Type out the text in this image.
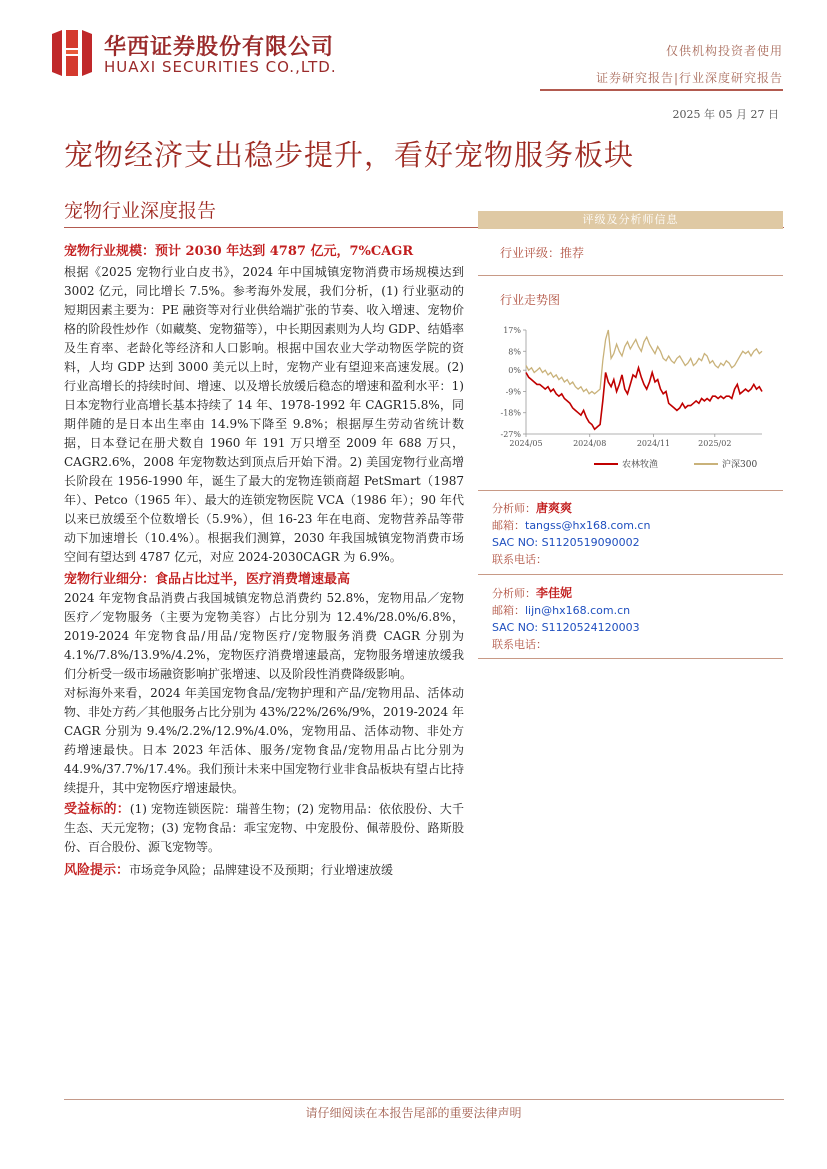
华西证券股份有限公司
HUAXI SECURITIES CO.,LTD.
仅供机构投资者使用
证券研究报告|行业深度研究报告
2025 年 05 月 27 日
宠物经济支出稳步提升，看好宠物服务板块
宠物行业深度报告
宠物行业规模：预计 2030 年达到 4787 亿元，7%CAGR

根据《2025 宠物行业白皮书》，2024 年中国城镇宠物消费市场规模达到 3002 亿元，同比增长 7.5%。参考海外发展，我们分析，(1) 行业驱动的短期因素主要为：PE 融资等对行业供给端扩张的节奏、收入增速、宠物价格的阶段性炒作（如藏獒、宠物猫等），中长期因素则为人均 GDP、结婚率及生育率、老龄化等经济和人口影响。根据中国农业大学动物医学院的资料，人均 GDP 达到 3000 美元以上时，宠物产业有望迎来高速发展。(2) 行业高增长的持续时间、增速、以及增长放缓后稳态的增速和盈利水平：1) 日本宠物行业高增长基本持续了 14 年、1978-1992 年 CAGR15.8%，同期伴随的是日本出生率由 14.9%下降至 9.8%；根据厚生劳动省统计数据，日本登记在册犬数自 1960 年 191 万只增至 2009 年 688 万只，CAGR2.6%，2008 年宠物数达到顶点后开始下滑。2) 美国宠物行业高增长阶段在 1956-1990 年，诞生了最大的宠物连锁商超 PetSmart（1987 年）、Petco（1965 年）、最大的连锁宠物医院 VCA（1986 年）；90 年代以来已放缓至个位数增长（5.9%），但 16-23 年在电商、宠物营养品等带动下加速增长（10.4%）。根据我们测算，2030 年我国城镇宠物消费市场空间有望达到 4787 亿元，对应 2024-2030CAGR 为 6.9%。

宠物行业细分：食品占比过半，医疗消费增速最高

2024 年宠物食品消费占我国城镇宠物总消费约 52.8%，宠物用品／宠物医疗／宠物服务（主要为宠物美容）占比分别为 12.4%/28.0%/6.8%，2019-2024 年宠物食品/用品/宠物医疗/宠物服务消费 CAGR 分别为 4.1%/7.8%/13.9%/4.2%，宠物医疗消费增速最高，宠物服务增速放缓我们分析受一级市场融资影响扩张增速、以及阶段性消费降级影响。

对标海外来看，2024 年美国宠物食品/宠物护理和产品/宠物用品、活体动物、非处方药／其他服务占比分别为 43%/22%/26%/9%，2019-2024 年 CAGR 分别为 9.4%/2.2%/12.9%/4.0%，宠物用品、活体动物、非处方药增速最快。日本 2023 年活体、服务/宠物食品/宠物用品占比分别为 44.9%/37.7%/17.4%。我们预计未来中国宠物行业非食品板块有望占比持续提升，其中宠物医疗增速最快。

受益标的：(1) 宠物连锁医院：瑞普生物；(2) 宠物用品：依依股份、大千生态、天元宠物；(3) 宠物食品：乖宝宠物、中宠股份、佩蒂股份、路斯股份、百合股份、源飞宠物等。

风险提示：市场竞争风险；品牌建设不及预期；行业增速放缓

评级及分析师信息
行业评级：推荐
行业走势图
17%
8%
0%
-9%
-18%
-27%
2024/05	2024/08	2024/11	2025/02
农林牧渔	沪深300
分析师：唐爽爽
邮箱：tangss@hx168.com.cn
SAC NO: S1120519090002
联系电话：
分析师：李佳妮
邮箱：lijn@hx168.com.cn
SAC NO: S1120524120003
联系电话：
请仔细阅读在本报告尾部的重要法律声明
